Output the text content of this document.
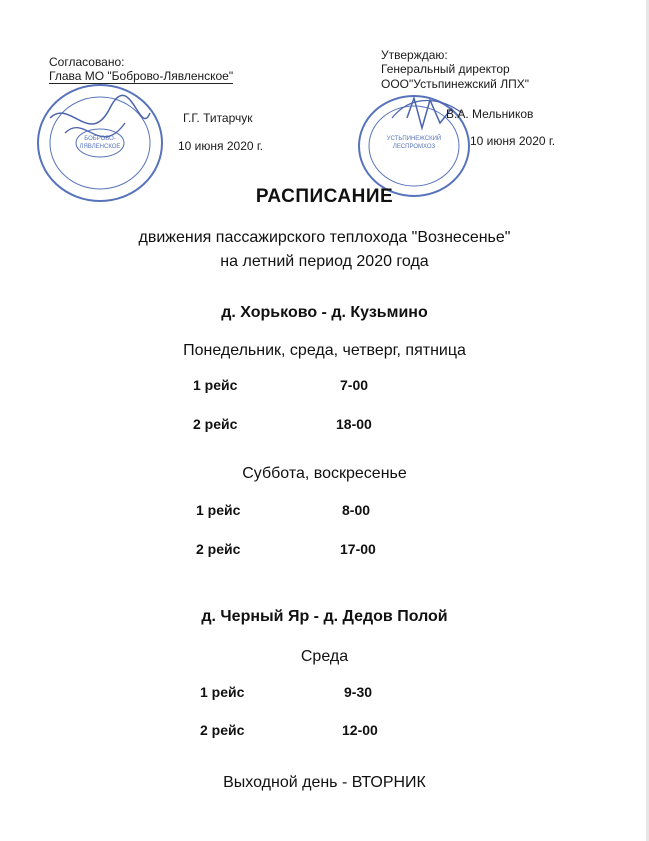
БОБРОВО-
ЛЯВЛЕНСКОЕ
УСТЬПИНЕЖСКИЙ
ЛЕСПРОМХОЗ
Согласовано:
Глава МО "Боброво-Лявленское"
Г.Г. Титарчук
10 июня 2020 г.
Утверждаю:
Генеральный директор
ООО"Устьпинежский ЛПХ"
В.А. Мельников
10 июня 2020 г.
РАСПИСАНИЕ
движения пассажирского теплохода "Вознесенье"
на летний период 2020 года
д. Хорьково - д. Кузьмино
Понедельник, среда, четверг, пятница
1 рейс	7-00
2 рейс	18-00
Суббота, воскресенье
1 рейс	8-00
2 рейс	17-00
д. Черный Яр - д. Дедов Полой
Среда
1 рейс	9-30
2 рейс	12-00
Выходной день - ВТОРНИК
